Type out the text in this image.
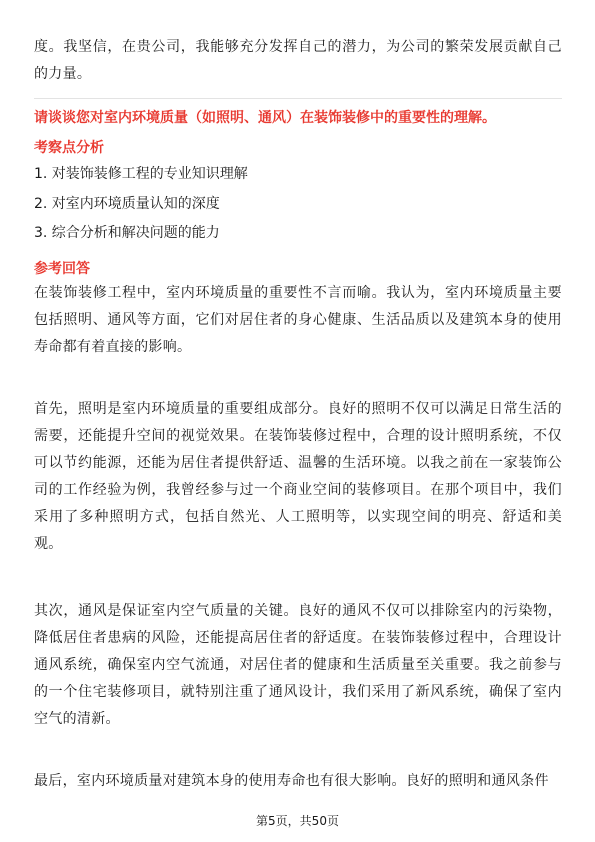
度。我坚信，在贵公司，我能够充分发挥自己的潜力，为公司的繁荣发展贡献自己的力量。

请谈谈您对室内环境质量（如照明、通风）在装饰装修中的重要性的理解。

考察点分析

1. 对装饰装修工程的专业知识理解

2. 对室内环境质量认知的深度

3. 综合分析和解决问题的能力

参考回答

在装饰装修工程中，室内环境质量的重要性不言而喻。我认为，室内环境质量主要包括照明、通风等方面，它们对居住者的身心健康、生活品质以及建筑本身的使用寿命都有着直接的影响。

首先，照明是室内环境质量的重要组成部分。良好的照明不仅可以满足日常生活的需要，还能提升空间的视觉效果。在装饰装修过程中，合理的设计照明系统，不仅可以节约能源，还能为居住者提供舒适、温馨的生活环境。以我之前在一家装饰公司的工作经验为例，我曾经参与过一个商业空间的装修项目。在那个项目中，我们采用了多种照明方式，包括自然光、人工照明等，以实现空间的明亮、舒适和美观。

其次，通风是保证室内空气质量的关键。良好的通风不仅可以排除室内的污染物，降低居住者患病的风险，还能提高居住者的舒适度。在装饰装修过程中，合理设计通风系统，确保室内空气流通，对居住者的健康和生活质量至关重要。我之前参与的一个住宅装修项目，就特别注重了通风设计，我们采用了新风系统，确保了室内空气的清新。

最后，室内环境质量对建筑本身的使用寿命也有很大影响。良好的照明和通风条件

第5页，共50页
